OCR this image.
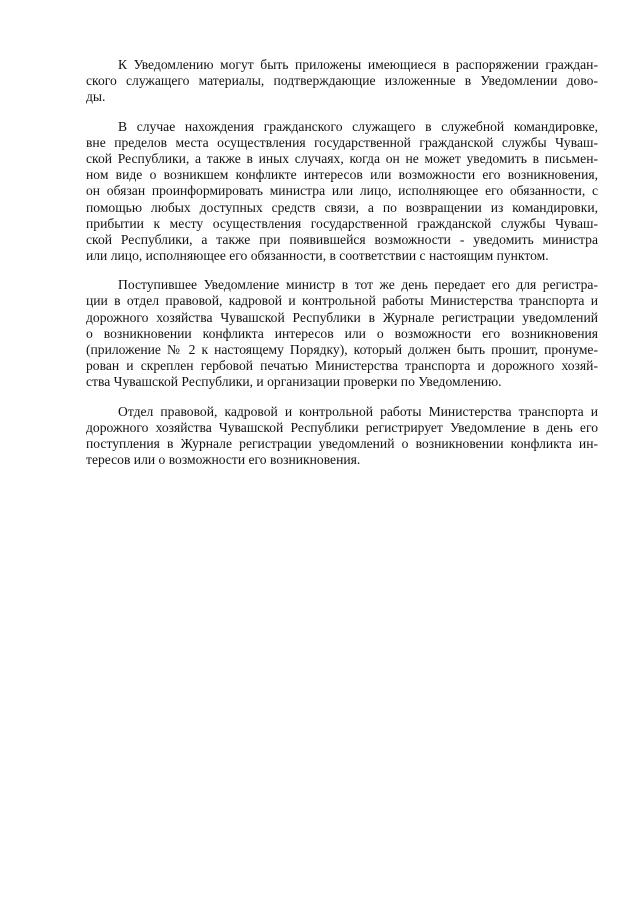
К Уведомлению могут быть приложены имеющиеся в распоряжении граждан-
ского служащего материалы, подтверждающие изложенные в Уведомлении дово-
ды.
В случае нахождения гражданского служащего в служебной командировке,
вне пределов места осуществления государственной гражданской службы Чуваш-
ской Республики, а также в иных случаях, когда он не может уведомить в письмен-
ном виде о возникшем конфликте интересов или возможности его возникновения,
он обязан проинформировать министра или лицо, исполняющее его обязанности, с
помощью любых доступных средств связи, а по возвращении из командировки,
прибытии к месту осуществления государственной гражданской службы Чуваш-
ской Республики, а также при появившейся возможности - уведомить министра
или лицо, исполняющее его обязанности, в соответствии с настоящим пунктом.
Поступившее Уведомление министр в тот же день передает его для регистра-
ции в отдел правовой, кадровой и контрольной работы Министерства транспорта и
дорожного хозяйства Чувашской Республики в Журнале регистрации уведомлений
о возникновении конфликта интересов или о возможности его возникновения
(приложение № 2 к настоящему Порядку), который должен быть прошит, пронуме-
рован и скреплен гербовой печатью Министерства транспорта и дорожного хозяй-
ства Чувашской Республики, и организации проверки по Уведомлению.
Отдел правовой, кадровой и контрольной работы Министерства транспорта и
дорожного хозяйства Чувашской Республики регистрирует Уведомление в день его
поступления в Журнале регистрации уведомлений о возникновении конфликта ин-
тересов или о возможности его возникновения.
